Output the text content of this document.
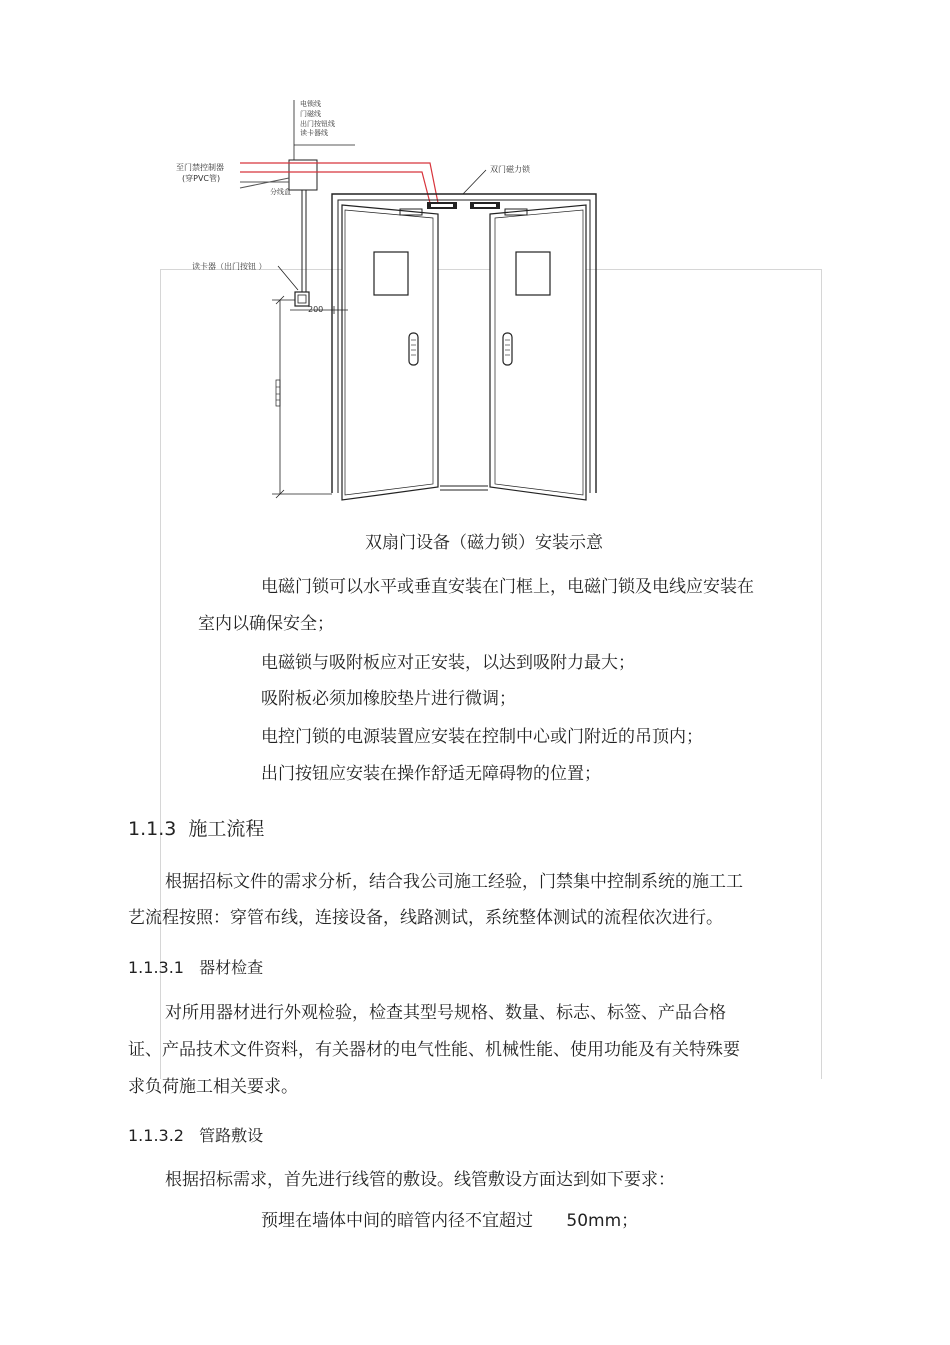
电锁线
门磁线
出门按钮线
读卡器线
至门禁控制器
(穿PVC管)
分线盒
双门磁力锁
读卡器（出门按钮 ）
200
双扇门设备（磁力锁）安装示意
电磁门锁可以水平或垂直安装在门框上，电磁门锁及电线应安装在
室内以确保安全；
电磁锁与吸附板应对正安装，以达到吸附力最大；
吸附板必须加橡胶垫片进行微调；
电控门锁的电源装置应安装在控制中心或门附近的吊顶内；
出门按钮应安装在操作舒适无障碍物的位置；
1.1.3 施工流程
根据招标文件的需求分析，结合我公司施工经验，门禁集中控制系统的施工工
艺流程按照：穿管布线，连接设备，线路测试，系统整体测试的流程依次进行。
1.1.3.1 器材检查
对所用器材进行外观检验，检查其型号规格、数量、标志、标签、产品合格
证、产品技术文件资料，有关器材的电气性能、机械性能、使用功能及有关特殊要
求负荷施工相关要求。
1.1.3.2 管路敷设
根据招标需求，首先进行线管的敷设。线管敷设方面达到如下要求：
预埋在墙体中间的暗管内径不宜超过 50mm；
